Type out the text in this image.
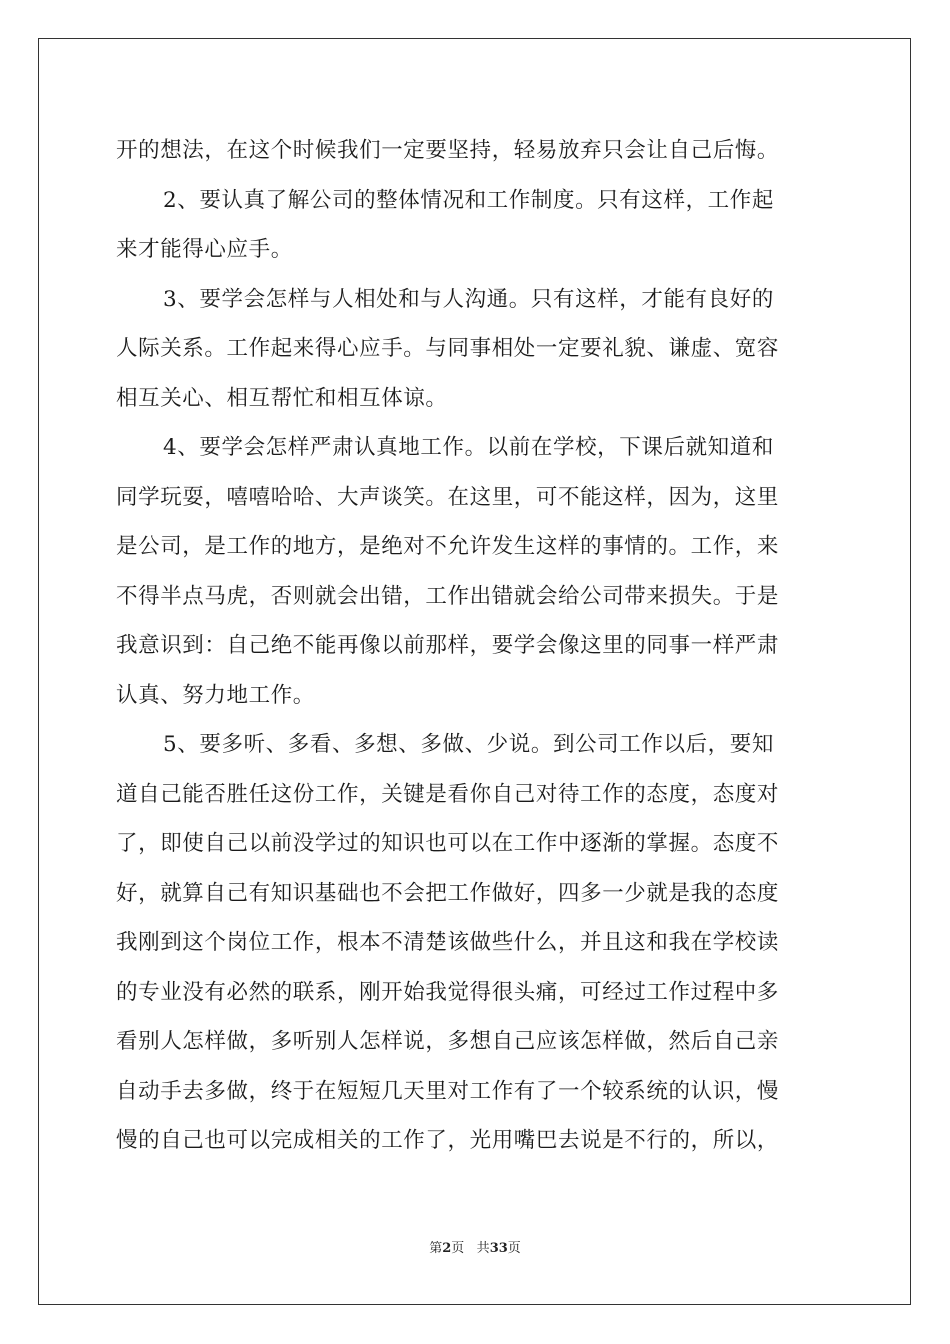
开的想法，在这个时候我们一定要坚持，轻易放弃只会让自己后悔。
2、要认真了解公司的整体情况和工作制度。只有这样，工作起
来才能得心应手。
3、要学会怎样与人相处和与人沟通。只有这样，才能有良好的
人际关系。工作起来得心应手。与同事相处一定要礼貌、谦虚、宽容
相互关心、相互帮忙和相互体谅。
4、要学会怎样严肃认真地工作。以前在学校，下课后就知道和
同学玩耍，嘻嘻哈哈、大声谈笑。在这里，可不能这样，因为，这里
是公司，是工作的地方，是绝对不允许发生这样的事情的。工作，来
不得半点马虎，否则就会出错，工作出错就会给公司带来损失。于是
我意识到：自己绝不能再像以前那样，要学会像这里的同事一样严肃
认真、努力地工作。
5、要多听、多看、多想、多做、少说。到公司工作以后，要知
道自己能否胜任这份工作，关键是看你自己对待工作的态度，态度对
了，即使自己以前没学过的知识也可以在工作中逐渐的掌握。态度不
好，就算自己有知识基础也不会把工作做好，四多一少就是我的态度
我刚到这个岗位工作，根本不清楚该做些什么，并且这和我在学校读
的专业没有必然的联系，刚开始我觉得很头痛，可经过工作过程中多
看别人怎样做，多听别人怎样说，多想自己应该怎样做，然后自己亲
自动手去多做，终于在短短几天里对工作有了一个较系统的认识，慢
慢的自己也可以完成相关的工作了，光用嘴巴去说是不行的，所以，
第2页 共33页
